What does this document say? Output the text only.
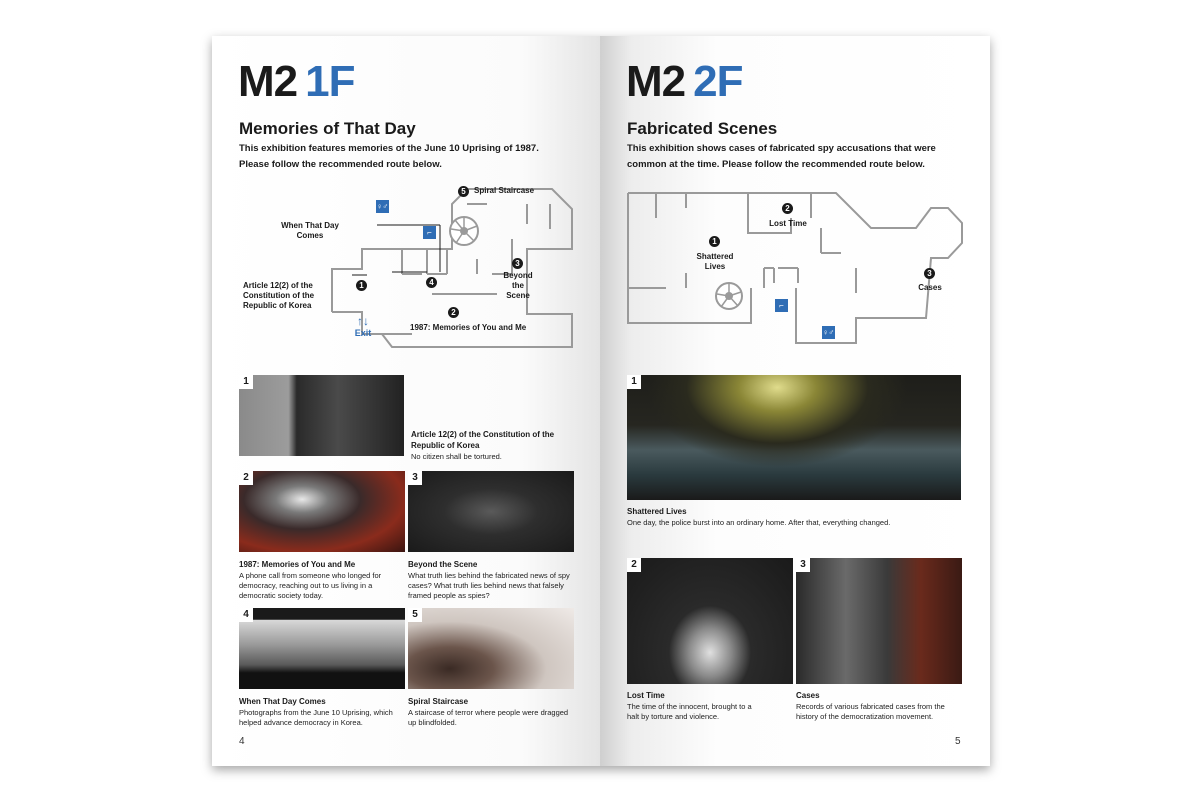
M2 1F
Memories of That Day
This exhibition features memories of the June 10 Uprising of 1987.
Please follow the recommended route below.
♀♂
⌐
5	Spiral Staircase
When That Day
Comes
3
Beyond
the
Scene
4
Article 12(2) of the
Constitution of the
Republic of Korea
1
2
1987: Memories of You and Me
↑↓
Exit
1
Article 12(2) of the Constitution of the
Republic of Korea
No citizen shall be tortured.
2	3
1987: Memories of You and Me
A phone call from someone who longed for
democracy, reaching out to us living in a
democratic society today.
Beyond the Scene
What truth lies behind the fabricated news of spy
cases? What truth lies behind news that falsely
framed people as spies?
4	5
When That Day Comes
Photographs from the June 10 Uprising, which
helped advance democracy in Korea.
Spiral Staircase
A staircase of terror where people were dragged
up blindfolded.
4
M2 2F
Fabricated Scenes
This exhibition shows cases of fabricated spy accusations that were
common at the time. Please follow the recommended route below.
1
Shattered
Lives
2
Lost Time
3
Cases
⌐
♀♂
1
Shattered Lives
One day, the police burst into an ordinary home. After that, everything changed.
2	3
Lost Time
The time of the innocent, brought to a
halt by torture and violence.
Cases
Records of various fabricated cases from the
history of the democratization movement.
5
